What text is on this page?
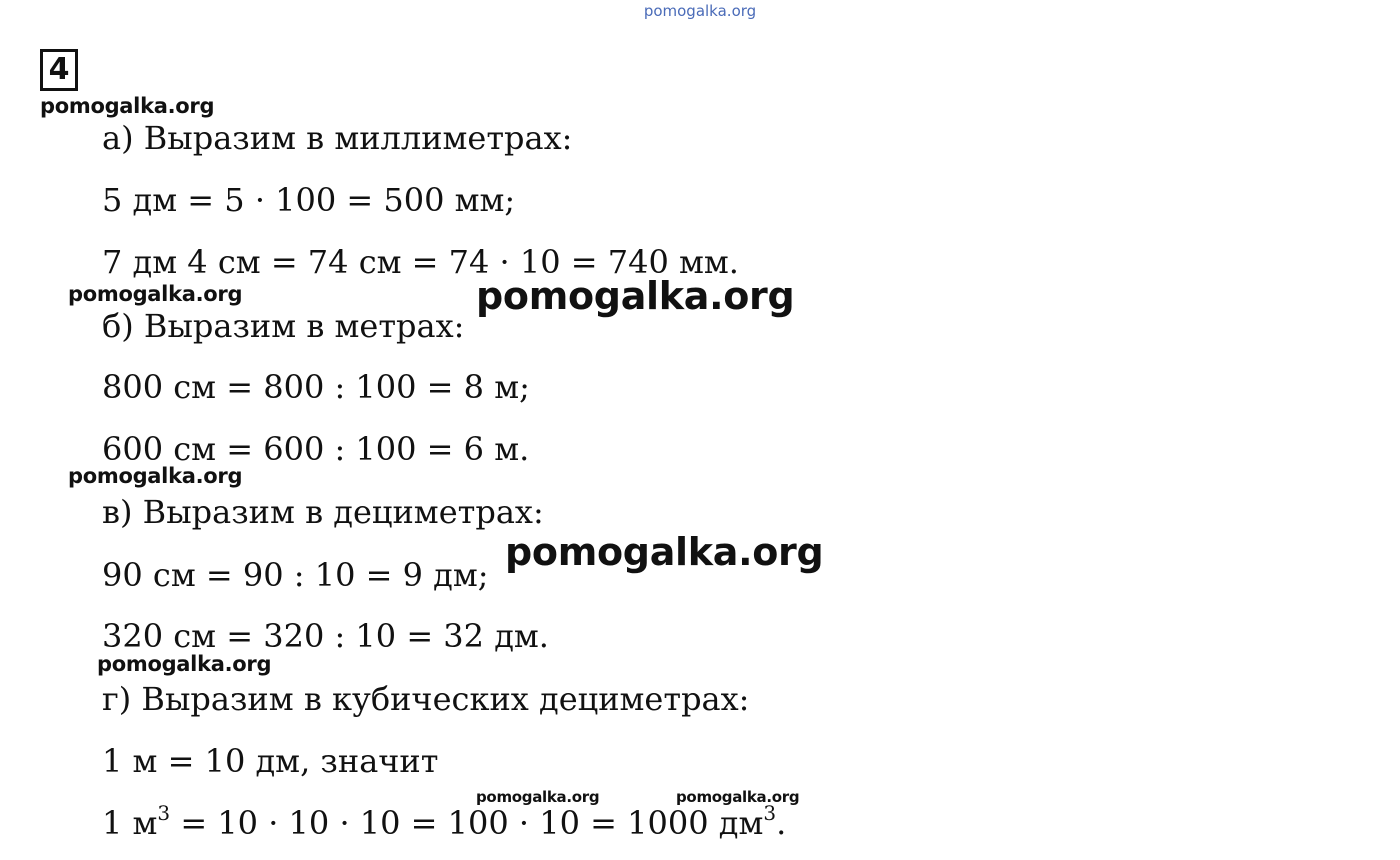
pomogalka.org
4
pomogalka.org
а) Выразим в миллиметрах:
5 дм = 5 · 100 = 500 мм;
7 дм 4 см = 74 см = 74 · 10 = 740 мм.
pomogalka.org	pomogalka.org
б) Выразим в метрах:
800 см = 800 : 100 = 8 м;
600 см = 600 : 100 = 6 м.
pomogalka.org
в) Выразим в дециметрах:
90 см = 90 : 10 = 9 дм;
pomogalka.org
320 см = 320 : 10 = 32 дм.
pomogalka.org
г) Выразим в кубических дециметрах:
1 м = 10 дм, значит
pomogalka.org	pomogalka.org
1 $м^3 = 10 \cdot 10 \cdot 10 = 100 \cdot 10 = 1000$ $дм^3$.
